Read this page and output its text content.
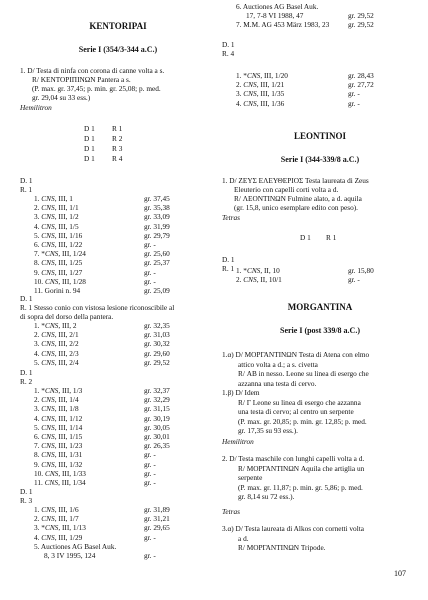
KENTORIPAI
Serie I (354/3-344 a.C.)
1. D/ Testa di ninfa con corona di canne volta a s.
R/ ΚΕΝΤΟΡΙΠΙΝΩΝ Pantera a s.
(P. max. gr. 37,45; p. min. gr. 25,08; p. med.
gr. 29,04 su 33 ess.)
Hemilitron
D 1 R 1
D 1 R 2
D 1 R 3
D 1 R 4
D. 1
R. 1
1. CNS, III, 1	gr. 37,45
2. CNS, III, 1/1	gr. 35,38
3. CNS, III, 1/2	gr. 33,09
4. CNS, III, 1/5	gr. 31,99
5. CNS, III, 1/16	gr. 29,79
6. CNS, III, 1/22	gr. -
7. *CNS, III, 1/24	gr. 25,60
8. CNS, III, 1/25	gr. 25,37
9. CNS, III, 1/27	gr. -
10. CNS, III, 1/28	gr. -
11. Gorini n. 94	gr. 25,09
D. 1
R. 1 Stesso conio con vistosa lesione riconoscibile al
di sopra del dorso della pantera.
1. *CNS, III, 2	gr. 32,35
2. CNS, III, 2/1	gr. 31,03
3. CNS, III, 2/2	gr. 30,32
4. CNS, III, 2/3	gr. 29,60
5. CNS, III, 2/4	gr. 29,52
D. 1
R. 2
1. *CNS, III, 1/3	gr. 32,37
2. CNS, III, 1/4	gr. 32,29
3. CNS, III, 1/8	gr. 31,15
4. CNS, III, 1/12	gr. 30,19
5. CNS, III, 1/14	gr. 30,05
6. CNS, III, 1/15	gr. 30,01
7. CNS, III, 1/23	gr. 26,35
8. CNS, III, 1/31	gr. -
9. CNS, III, 1/32	gr. -
10. CNS, III, 1/33	gr. -
11. CNS, III, 1/34	gr. -
D. 1
R. 3
1. CNS, III, 1/6	gr. 31,89
2. CNS, III, 1/7	gr. 31,21
3. *CNS, III, 1/13	gr. 29,65
4. CNS, III, 1/29	gr. -
5. Auctiones AG Basel Auk.
8, 3 IV 1995, 124	gr. -
6. Auctiones AG Basel Auk.
17, 7-8 VI 1988, 47	gr. 29,52
7. M.M. AG 453 März 1983, 23	gr. 29,52
D. 1
R. 4
1. *CNS, III, 1/20	gr. 28,43
2. CNS, III, 1/21	gr. 27,72
3. CNS, III, 1/35	gr. -
4. CNS, III, 1/36	gr. -
LEONTINOI
Serie I (344-339/8 a.C.)
1. D/ ΖΕΥΣ ΕΛΕΥΘΕΡΙΟΣ Testa laureata di Zeus
Eleuterio con capelli corti volta a d.
R/ ΛΕΟΝΤΙΝΩΝ Fulmine alato, a d. aquila
(gr. 15,8, unico esemplare edito con peso).
Tetras
D 1 R 1
D. 1
R. 1 1. *CNS, II, 10	gr. 15,80
2. CNS, II, 10/1	gr. -
MORGANTINA
Serie I (post 339/8 a.C.)
1.α) D/ ΜΟΡΓΑΝΤΙΝΩΝ Testa di Atena con elmo
attico volta a d.; a s. civetta
R/ ΑΒ in nesso. Leone su linea di esergo che
azzanna una testa di cervo.
1.β) D/ Idem
R/ Γ Leone su linea di esergo che azzanna
una testa di cervo; al centro un serpente
(P. max. gr. 20,85; p. min. gr. 12,85; p. med.
gr. 17,35 su 93 ess.).
Hemilitron
2. D/ Testa maschile con lunghi capelli volta a d.
R/ ΜΟΡΓΑΝΤΙΝΩΝ Aquila che artiglia un
serpente
(P. max. gr. 11,87; p. min. gr. 5,86; p. med.
gr. 8,14 su 72 ess.).
Tetras
3.α) D/ Testa laureata di Alkos con cornetti volta
a d.
R/ ΜΟΡΓΑΝΤΙΝΩΝ Tripode.
107
